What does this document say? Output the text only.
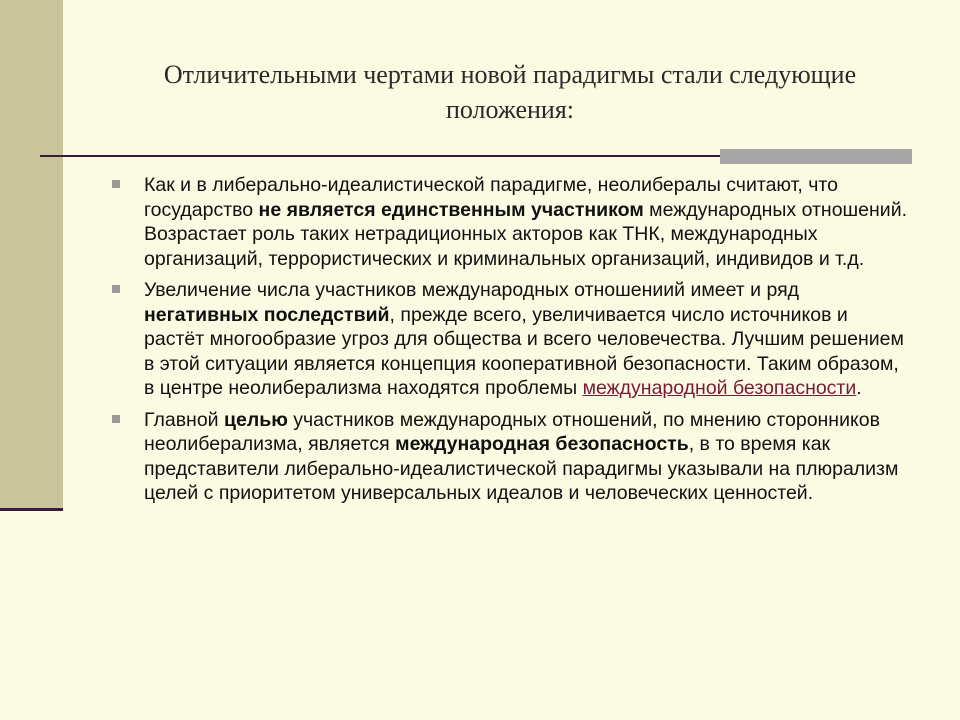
Отличительными чертами новой парадигмы стали следующие положения:
Как и в либерально-идеалистической парадигме, неолибералы считают, что государство не является единственным участником международных отношений. Возрастает роль таких нетрадиционных акторов как ТНК, международных организаций, террористических и криминальных организаций, индивидов и т.д.
Увеличение числа участников международных отношениий имеет и ряд негативных последствий, прежде всего, увеличивается число источников и растёт многообразие угроз для общества и всего человечества. Лучшим решением в этой ситуации является концепция кооперативной безопасности. Таким образом, в центре неолиберализма находятся проблемы международной безопасности.
Главной целью участников международных отношений, по мнению сторонников неолиберализма, является международная безопасность, в то время как представители либерально-идеалистической парадигмы указывали на плюрализм целей с приоритетом универсальных идеалов и человеческих ценностей.
